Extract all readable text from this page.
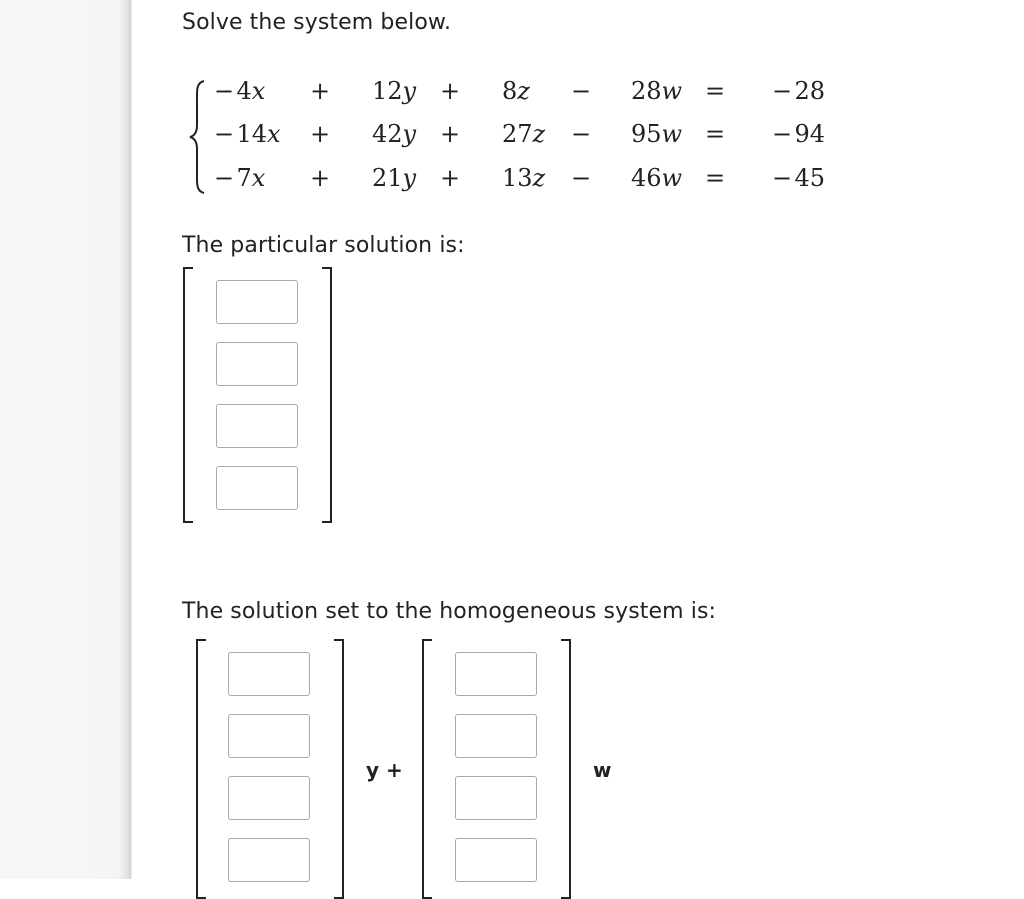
Solve the system below.
− 4x + 12y + 8z − 28w = − 28
− 14x + 42y + 27z − 95w = − 94
− 7x + 21y + 13z − 46w = − 45
The particular solution is:
The solution set to the homogeneous system is:
y +	w
